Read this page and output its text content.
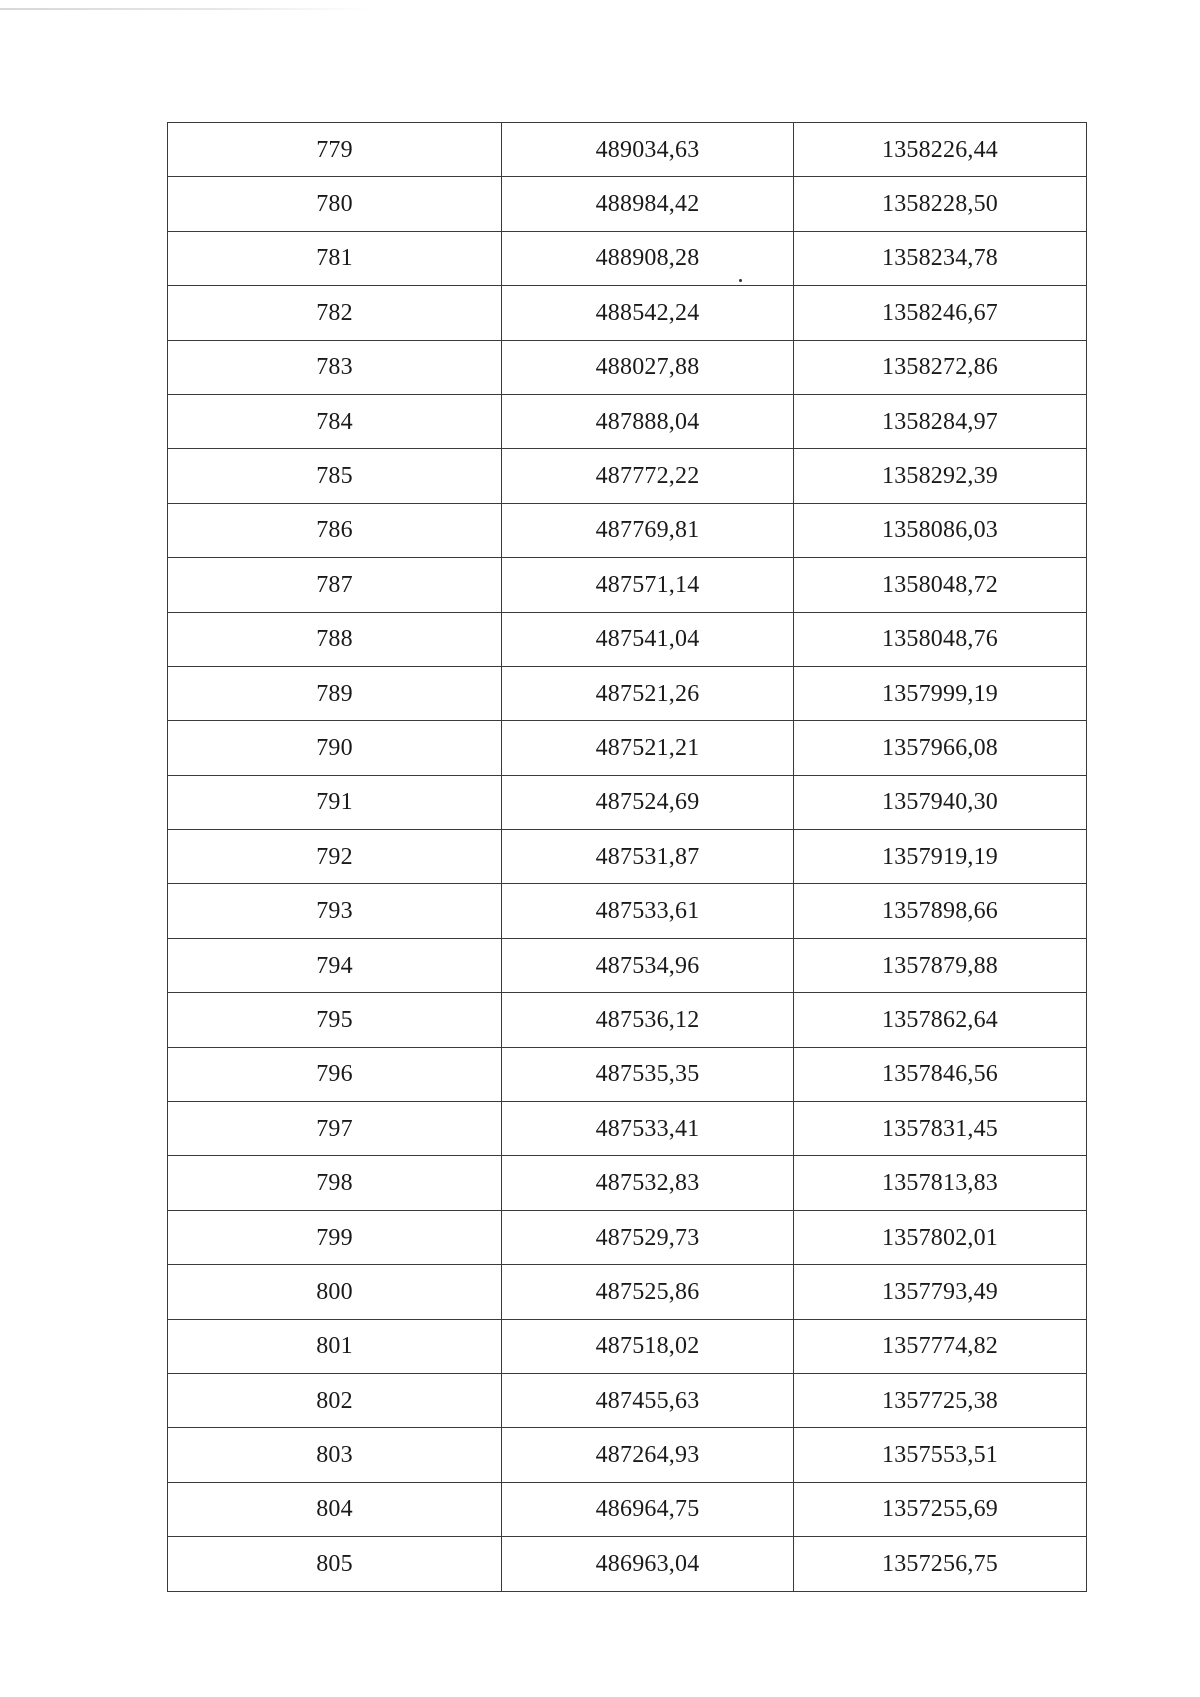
779	489034,63	1358226,44
780	488984,42	1358228,50
781	488908,28	1358234,78
782	488542,24	1358246,67
783	488027,88	1358272,86
784	487888,04	1358284,97
785	487772,22	1358292,39
786	487769,81	1358086,03
787	487571,14	1358048,72
788	487541,04	1358048,76
789	487521,26	1357999,19
790	487521,21	1357966,08
791	487524,69	1357940,30
792	487531,87	1357919,19
793	487533,61	1357898,66
794	487534,96	1357879,88
795	487536,12	1357862,64
796	487535,35	1357846,56
797	487533,41	1357831,45
798	487532,83	1357813,83
799	487529,73	1357802,01
800	487525,86	1357793,49
801	487518,02	1357774,82
802	487455,63	1357725,38
803	487264,93	1357553,51
804	486964,75	1357255,69
805	486963,04	1357256,75
